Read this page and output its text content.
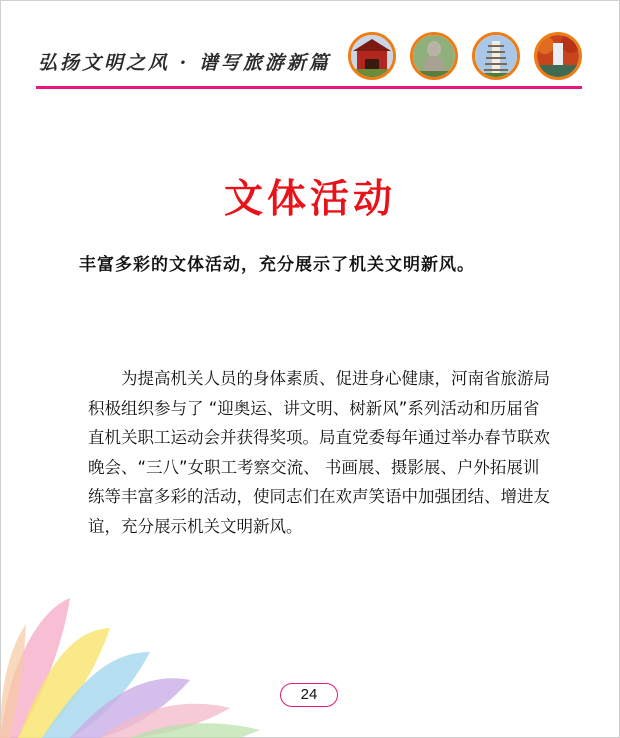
弘扬文明之风 · 谱写旅游新篇
文体活动
丰富多彩的文体活动，充分展示了机关文明新风。

为提高机关人员的身体素质、促进身心健康，河南省旅游局积极组织参与了 “迎奥运、讲文明、树新风”系列活动和历届省直机关职工运动会并获得奖项。局直党委每年通过举办春节联欢晚会、“三八”女职工考察交流、 书画展、摄影展、户外拓展训练等丰富多彩的活动，使同志们在欢声笑语中加强团结、增进友谊，充分展示机关文明新风。

24
